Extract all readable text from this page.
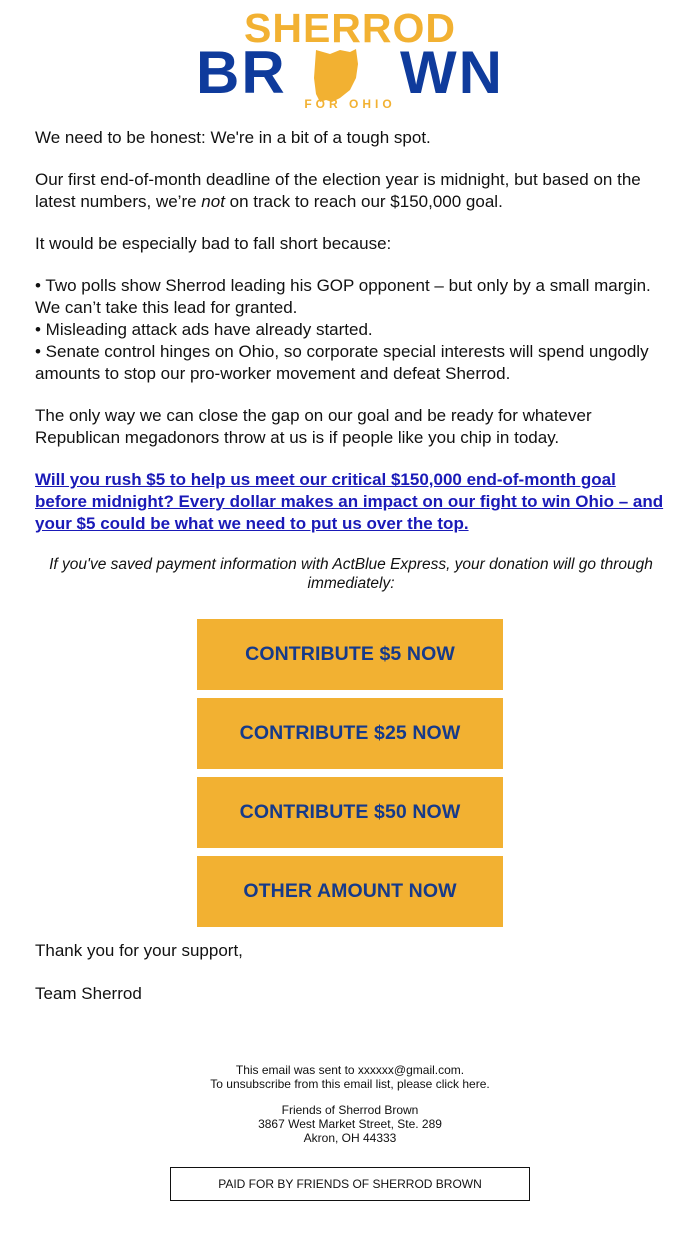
SHERROD
BR WN
FOR OHIO

We need to be honest: We're in a bit of a tough spot.

Our first end-of-month deadline of the election year is midnight, but based on the latest numbers, we’re not on track to reach our $150,000 goal.

It would be especially bad to fall short because:

• Two polls show Sherrod leading his GOP opponent – but only by a small margin. We can’t take this lead for granted.
• Misleading attack ads have already started.
• Senate control hinges on Ohio, so corporate special interests will spend ungodly amounts to stop our pro-worker movement and defeat Sherrod.

The only way we can close the gap on our goal and be ready for whatever Republican megadonors throw at us is if people like you chip in today.

Will you rush $5 to help us meet our critical $150,000 end-of-month goal before midnight? Every dollar makes an impact on our fight to win Ohio – and your $5 could be what we need to put us over the top.

If you've saved payment information with ActBlue Express, your donation will go through immediately:

CONTRIBUTE $5 NOW
CONTRIBUTE $25 NOW
CONTRIBUTE $50 NOW
OTHER AMOUNT NOW
Thank you for your support,
Team Sherrod
This email was sent to xxxxxx@gmail.com.
To unsubscribe from this email list, please click here.
Friends of Sherrod Brown
3867 West Market Street, Ste. 289
Akron, OH 44333
PAID FOR BY FRIENDS OF SHERROD BROWN
